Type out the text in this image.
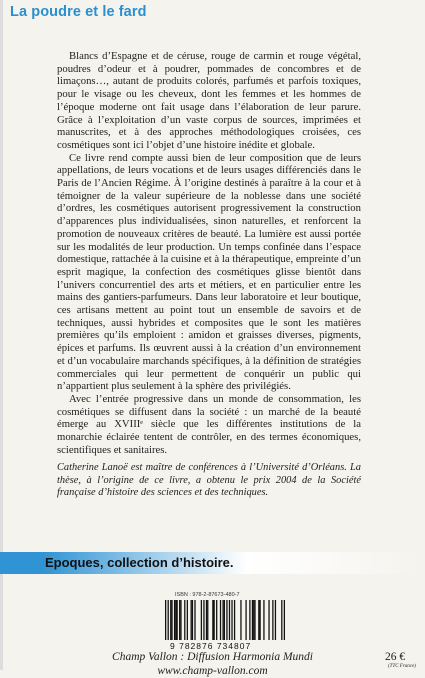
La poudre et le fard

Blancs d’Espagne et de céruse, rouge de carmin et rouge végétal, poudres d’odeur et à poudrer, pommades de concombres et de limaçons…, autant de produits colorés, parfumés et parfois toxiques, pour le visage ou les cheveux, dont les femmes et les hommes de l’époque moderne ont fait usage dans l’élaboration de leur parure. Grâce à l’exploitation d’un vaste corpus de sources, imprimées et manuscrites, et à des approches méthodologiques croisées, ces cosmétiques sont ici l’objet d’une histoire inédite et globale.

Ce livre rend compte aussi bien de leur composition que de leurs appellations, de leurs vocations et de leurs usages différenciés dans le Paris de l’Ancien Régime. À l’origine destinés à paraître à la cour et à témoigner de la valeur supérieure de la noblesse dans une société d’ordres, les cosmétiques autorisent progressivement la construction d’apparences plus individualisées, sinon naturelles, et renforcent la promotion de nouveaux critères de beauté. La lumière est aussi portée sur les modalités de leur production. Un temps confinée dans l’espace domestique, rattachée à la cuisine et à la thérapeutique, empreinte d’un esprit magique, la confection des cosmétiques glisse bientôt dans l’univers concurrentiel des arts et métiers, et en particulier entre les mains des gantiers-parfumeurs. Dans leur laboratoire et leur boutique, ces artisans mettent au point tout un ensemble de savoirs et de techniques, aussi hybrides et composites que le sont les matières premières qu’ils emploient : amidon et graisses diverses, pigments, épices et parfums. Ils œuvrent aussi à la création d’un environnement et d’un vocabulaire marchands spécifiques, à la définition de stratégies commerciales qui leur permettent de conquérir un public qui n’appartient plus seulement à la sphère des privilégiés.

Avec l’entrée progressive dans un monde de consommation, les cosmétiques se diffusent dans la société : un marché de la beauté émerge au XVIIIᵉ siècle que les différentes institutions de la monarchie éclairée tentent de contrôler, en des termes économiques, scientifiques et sanitaires.

Catherine Lanoë est maître de conférences à l’Université d’Orléans. La thèse, à l’origine de ce livre, a obtenu le prix 2004 de la Société française d’histoire des sciences et des techniques.
Epoques, collection d’histoire.
ISBN : 978-2-87673-480-7
9 782876 734807
Champ Vallon : Diffusion Harmonia Mundi
www.champ-vallon.com
26 €
(TTC France)
